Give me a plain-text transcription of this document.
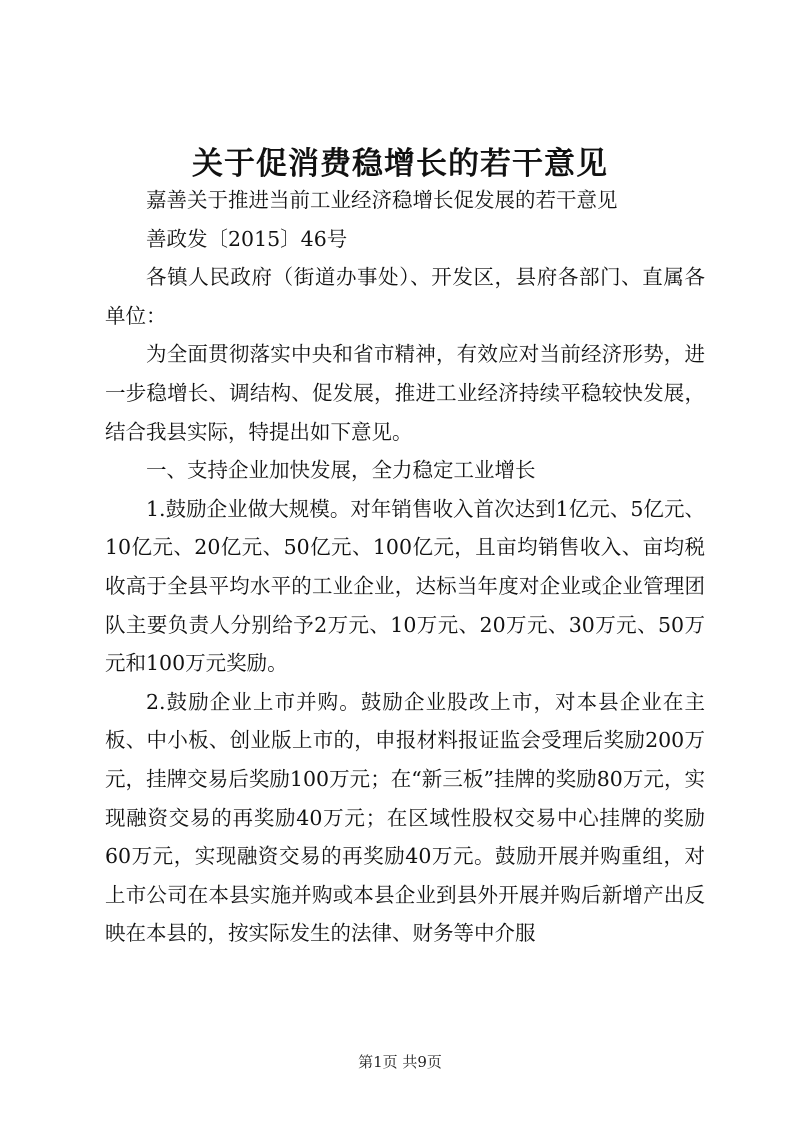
关于促消费稳增长的若干意见

嘉善关于推进当前工业经济稳增长促发展的若干意见

善政发〔2015〕46号

各镇人民政府（街道办事处）、开发区，县府各部门、直属各单位：

为全面贯彻落实中央和省市精神，有效应对当前经济形势，进一步稳增长、调结构、促发展，推进工业经济持续平稳较快发展，结合我县实际，特提出如下意见。

一、支持企业加快发展，全力稳定工业增长

1.鼓励企业做大规模。对年销售收入首次达到1亿元、5亿元、10亿元、20亿元、50亿元、100亿元，且亩均销售收入、亩均税收高于全县平均水平的工业企业，达标当年度对企业或企业管理团队主要负责人分别给予2万元、10万元、20万元、30万元、50万元和100万元奖励。

2.鼓励企业上市并购。鼓励企业股改上市，对本县企业在主板、中小板、创业版上市的，申报材料报证监会受理后奖励200万元，挂牌交易后奖励100万元；在“新三板”挂牌的奖励80万元，实现融资交易的再奖励40万元；在区域性股权交易中心挂牌的奖励60万元，实现融资交易的再奖励40万元。鼓励开展并购重组，对上市公司在本县实施并购或本县企业到县外开展并购后新增产出反映在本县的，按实际发生的法律、财务等中介服

第1页 共9页
